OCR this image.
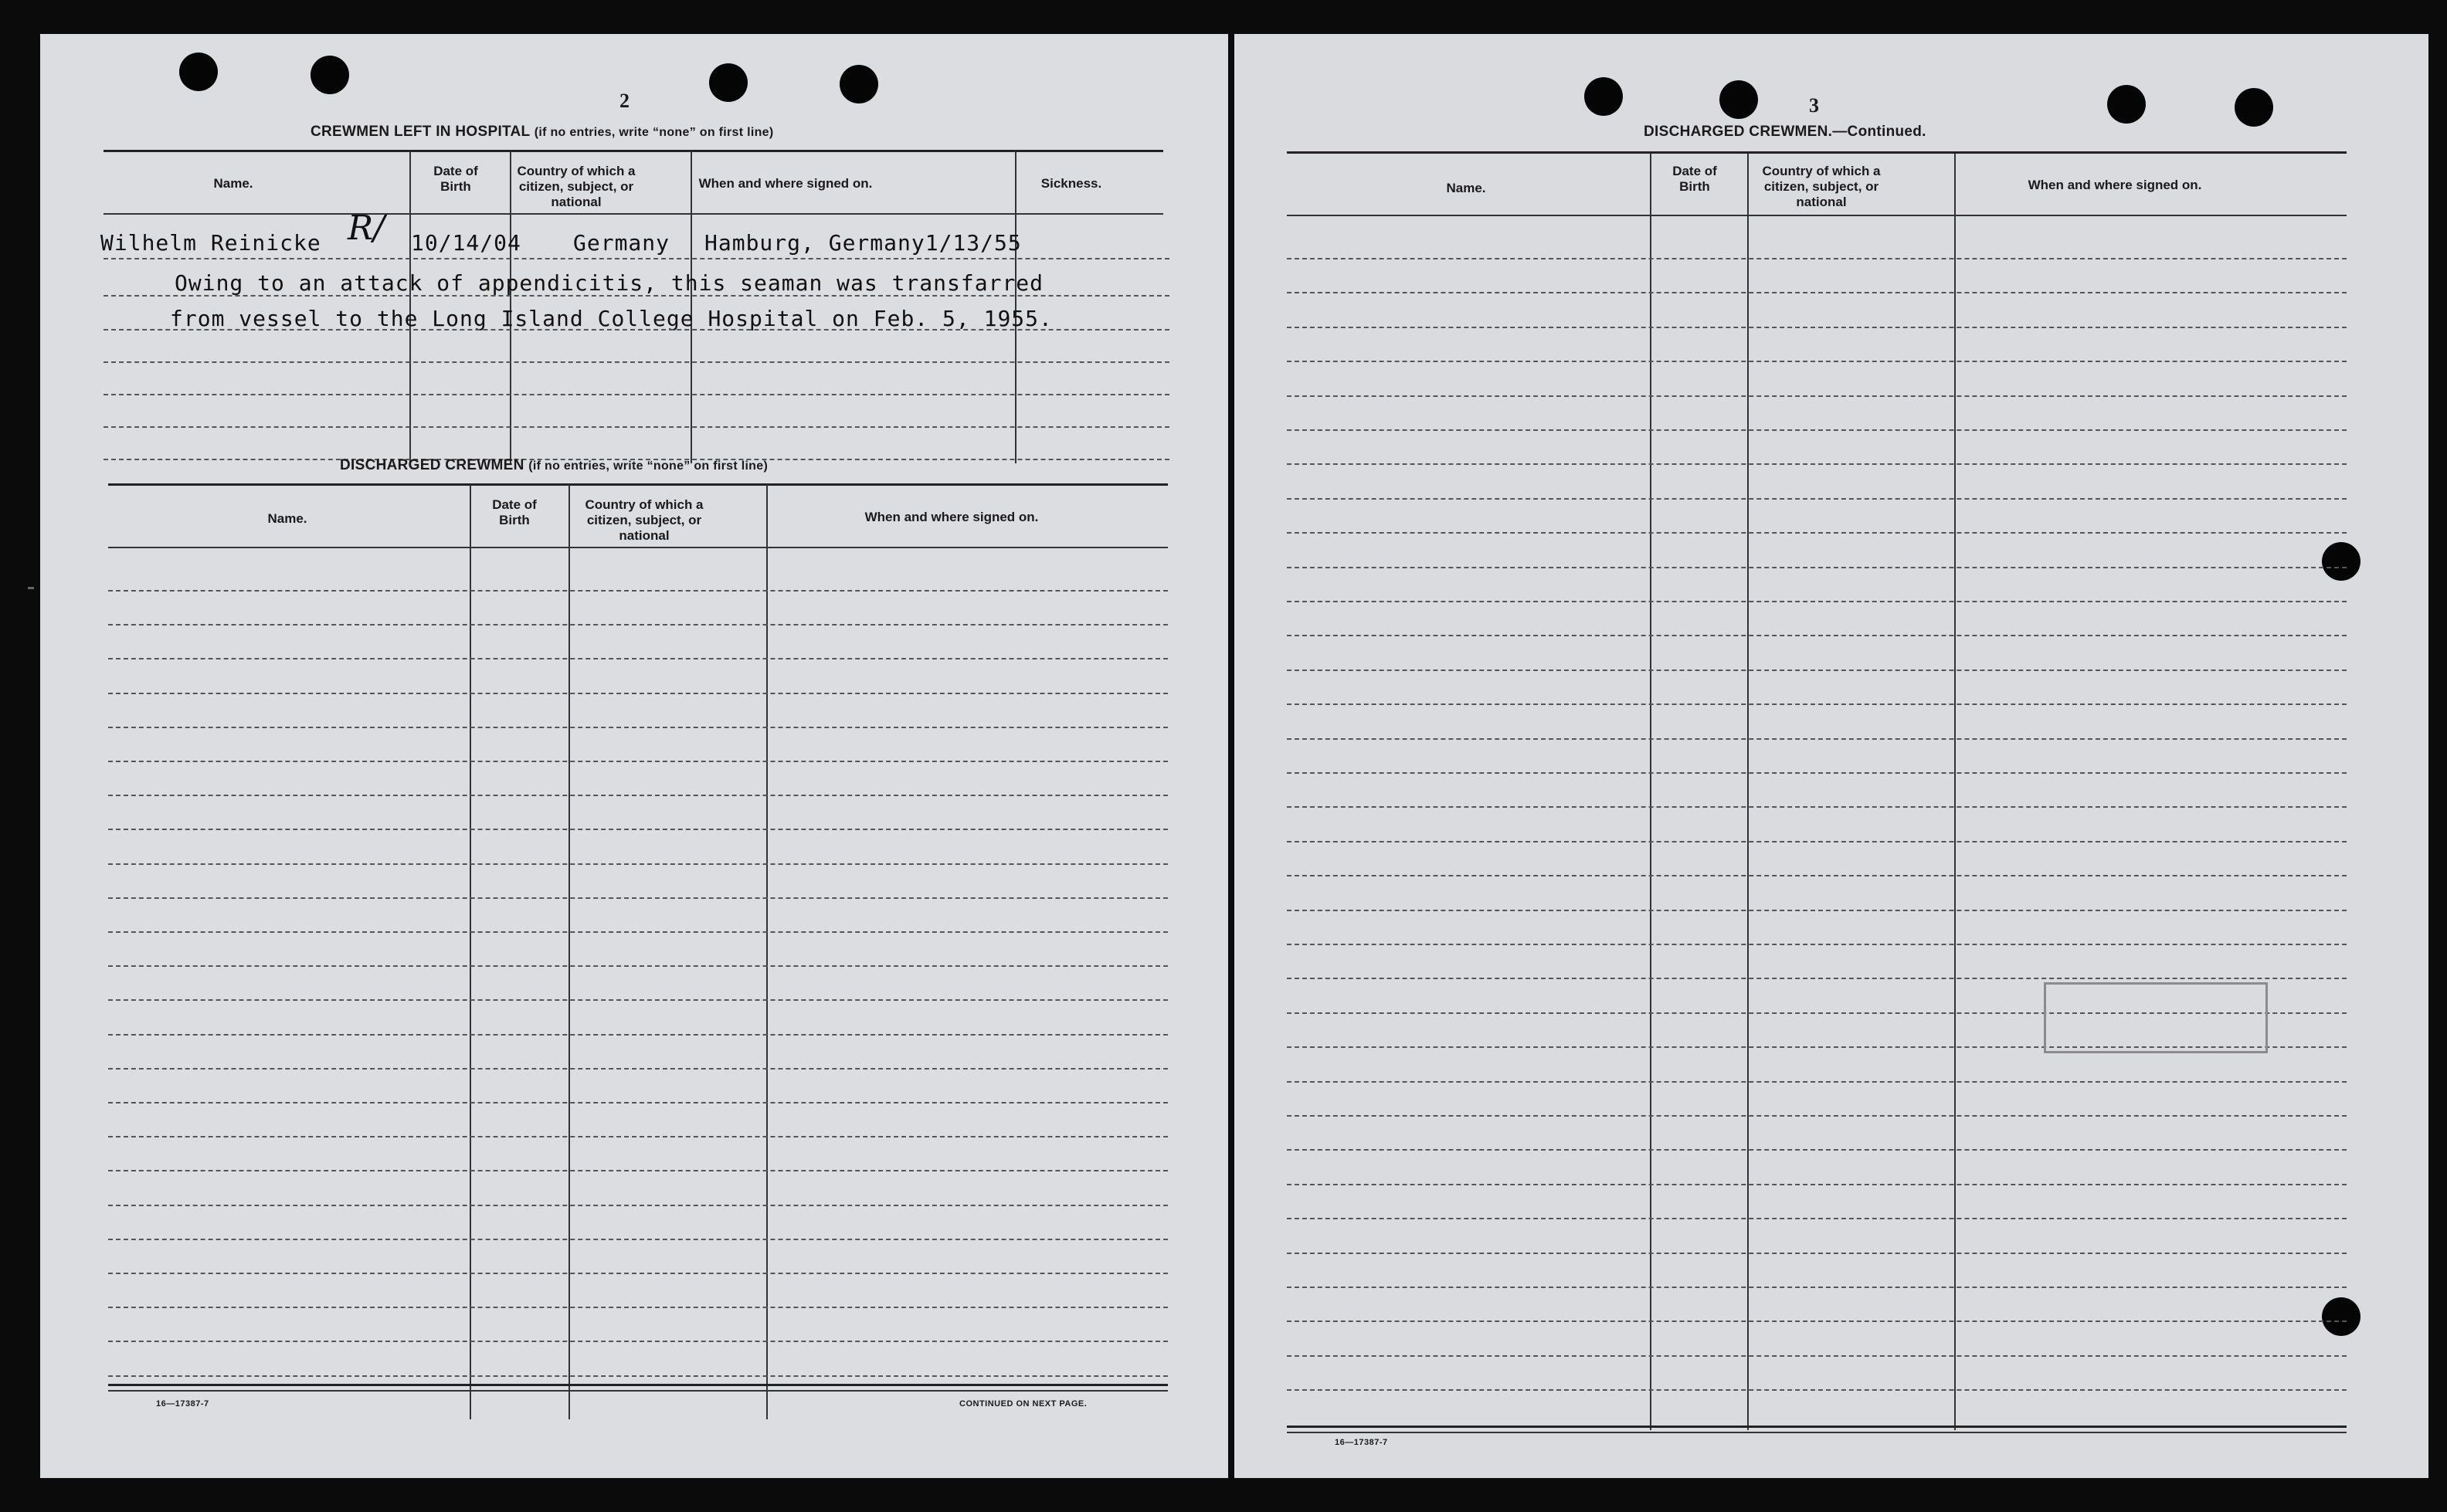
2
CREWMEN LEFT IN HOSPITAL (if no entries, write “none” on first line)
Name.
Date of Birth
Country of which a citizen, subject, or national
When and where signed on.	Sickness.
Wilhelm Reinicke R/ 10/14/04 Germany Hamburg, Germany1/13/55
Owing to an attack of appendicitis, this seaman was transfarred
from vessel to the Long Island College Hospital on Feb. 5, 1955.
DISCHARGED CREWMEN (if no entries, write “none” on first line)
Name.
Date of Birth
Country of which a citizen, subject, or national
When and where signed on.
16—17387-7	CONTINUED ON NEXT PAGE.
3
DISCHARGED CREWMEN.—Continued.
Name.
Date of Birth
Country of which a citizen, subject, or national
When and where signed on.
16—17387-7
